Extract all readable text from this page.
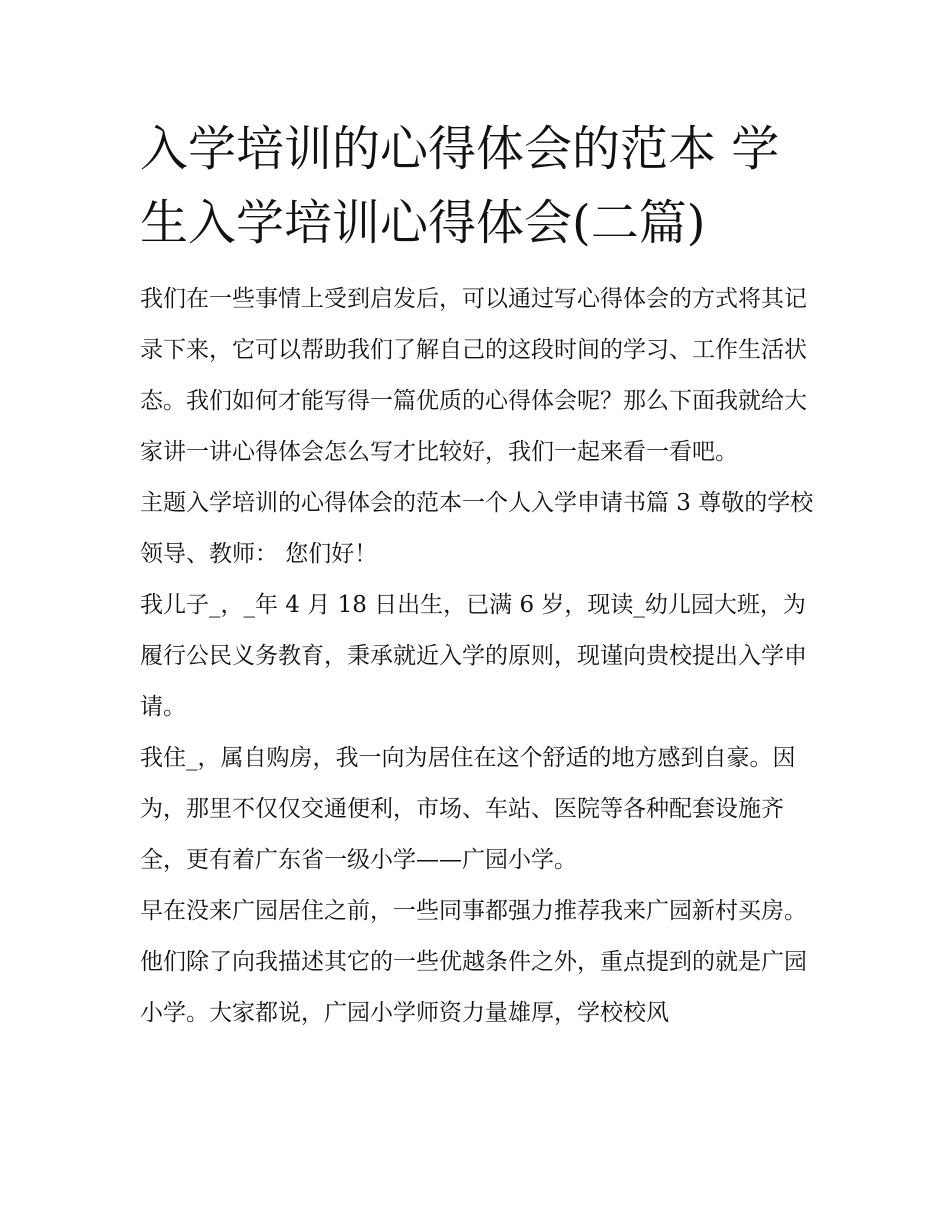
入学培训的心得体会的范本 学生入学培训心得体会(二篇)

我们在一些事情上受到启发后，可以通过写心得体会的方式将其记录下来，它可以帮助我们了解自己的这段时间的学习、工作生活状态。我们如何才能写得一篇优质的心得体会呢？那么下面我就给大家讲一讲心得体会怎么写才比较好，我们一起来看一看吧。

主题入学培训的心得体会的范本一个人入学申请书篇 3 尊敬的学校领导、教师： 您们好！

我儿子_，_年 4 月 18 日出生，已满 6 岁，现读_幼儿园大班，为履行公民义务教育，秉承就近入学的原则，现谨向贵校提出入学申请。

我住_，属自购房，我一向为居住在这个舒适的地方感到自豪。因为，那里不仅仅交通便利，市场、车站、医院等各种配套设施齐全，更有着广东省一级小学——广园小学。

早在没来广园居住之前，一些同事都强力推荐我来广园新村买房。他们除了向我描述其它的一些优越条件之外，重点提到的就是广园小学。大家都说，广园小学师资力量雄厚，学校校风
